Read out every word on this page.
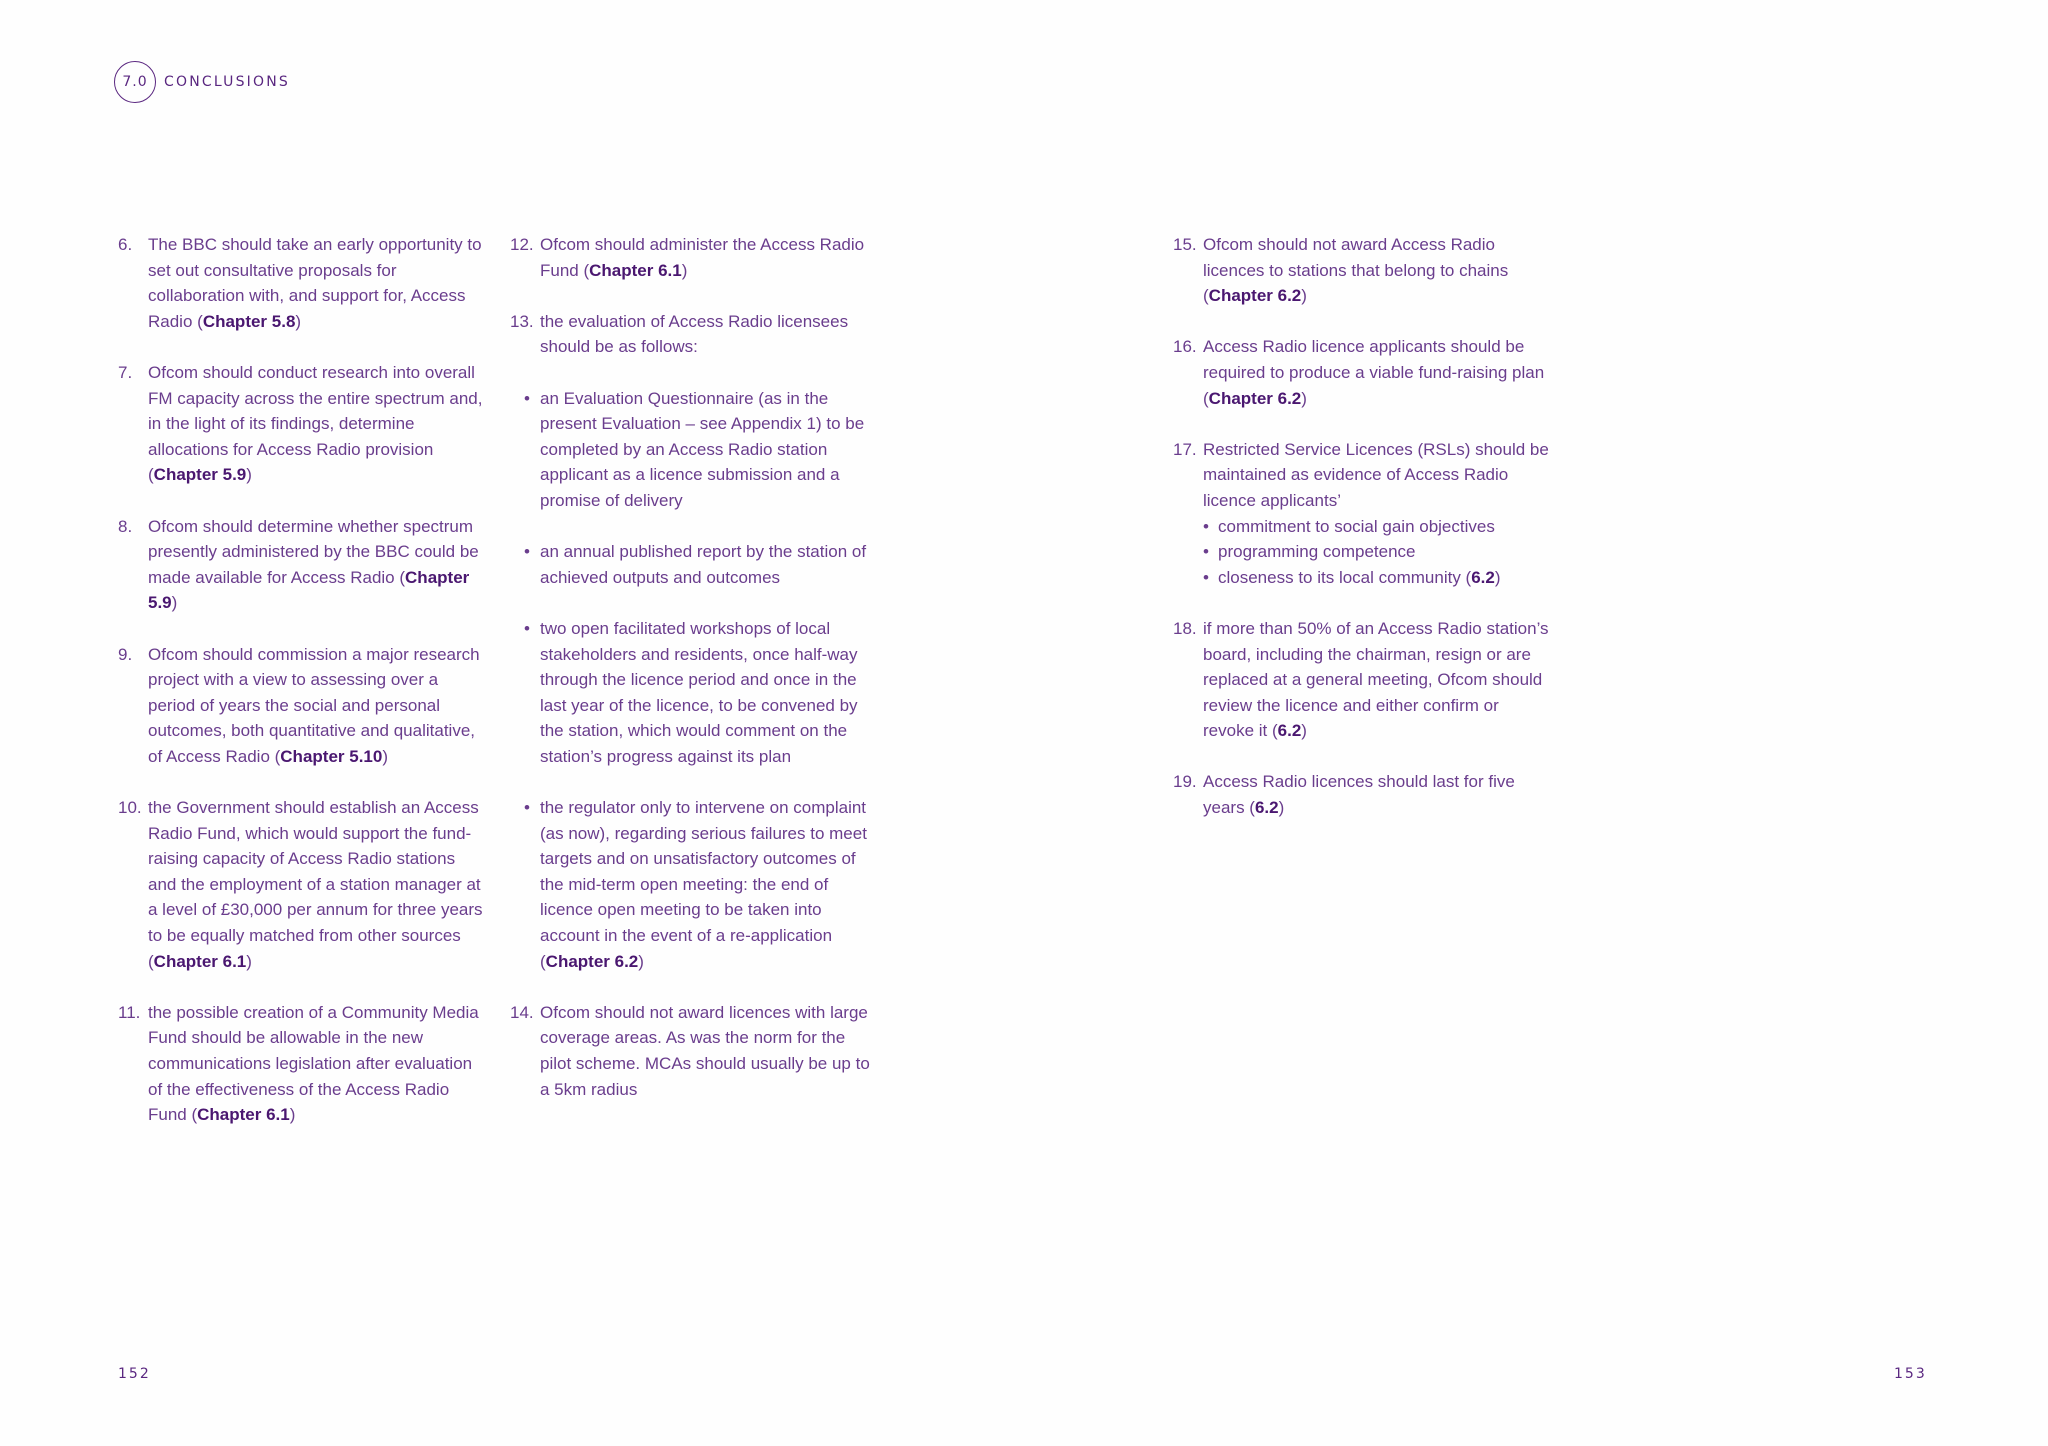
7.0	CONCLUSIONS
6. The BBC should take an early opportunity to set out consultative proposals for collaboration with, and support for, Access Radio (Chapter 5.8)
7. Ofcom should conduct research into overall FM capacity across the entire spectrum and, in the light of its findings, determine allocations for Access Radio provision (Chapter 5.9)
8. Ofcom should determine whether spectrum presently administered by the BBC could be made available for Access Radio (Chapter 5.9)
9. Ofcom should commission a major research project with a view to assessing over a period of years the social and personal outcomes, both quantitative and qualitative, of Access Radio (Chapter 5.10)
10. the Government should establish an Access Radio Fund, which would support the fund-raising capacity of Access Radio stations and the employment of a station manager at a level of £30,000 per annum for three years to be equally matched from other sources (Chapter 6.1)
11. the possible creation of a Community Media Fund should be allowable in the new communications legislation after evaluation of the effectiveness of the Access Radio Fund (Chapter 6.1)
12. Ofcom should administer the Access Radio Fund (Chapter 6.1)
13. the evaluation of Access Radio licensees should be as follows:
• an Evaluation Questionnaire (as in the present Evaluation – see Appendix 1) to be completed by an Access Radio station applicant as a licence submission and a promise of delivery
• an annual published report by the station of achieved outputs and outcomes
• two open facilitated workshops of local stakeholders and residents, once half-way through the licence period and once in the last year of the licence, to be convened by the station, which would comment on the station’s progress against its plan
• the regulator only to intervene on complaint (as now), regarding serious failures to meet targets and on unsatisfactory outcomes of the mid-term open meeting: the end of licence open meeting to be taken into account in the event of a re-application (Chapter 6.2)
14. Ofcom should not award licences with large coverage areas. As was the norm for the pilot scheme. MCAs should usually be up to a 5km radius
15. Ofcom should not award Access Radio licences to stations that belong to chains (Chapter 6.2)
16. Access Radio licence applicants should be required to produce a viable fund-raising plan (Chapter 6.2)
17. Restricted Service Licences (RSLs) should be maintained as evidence of Access Radio licence applicants’
• commitment to social gain objectives
• programming competence
• closeness to its local community (6.2)
18. if more than 50% of an Access Radio station’s board, including the chairman, resign or are replaced at a general meeting, Ofcom should review the licence and either confirm or revoke it (6.2)
19. Access Radio licences should last for five years (6.2)
152	153
